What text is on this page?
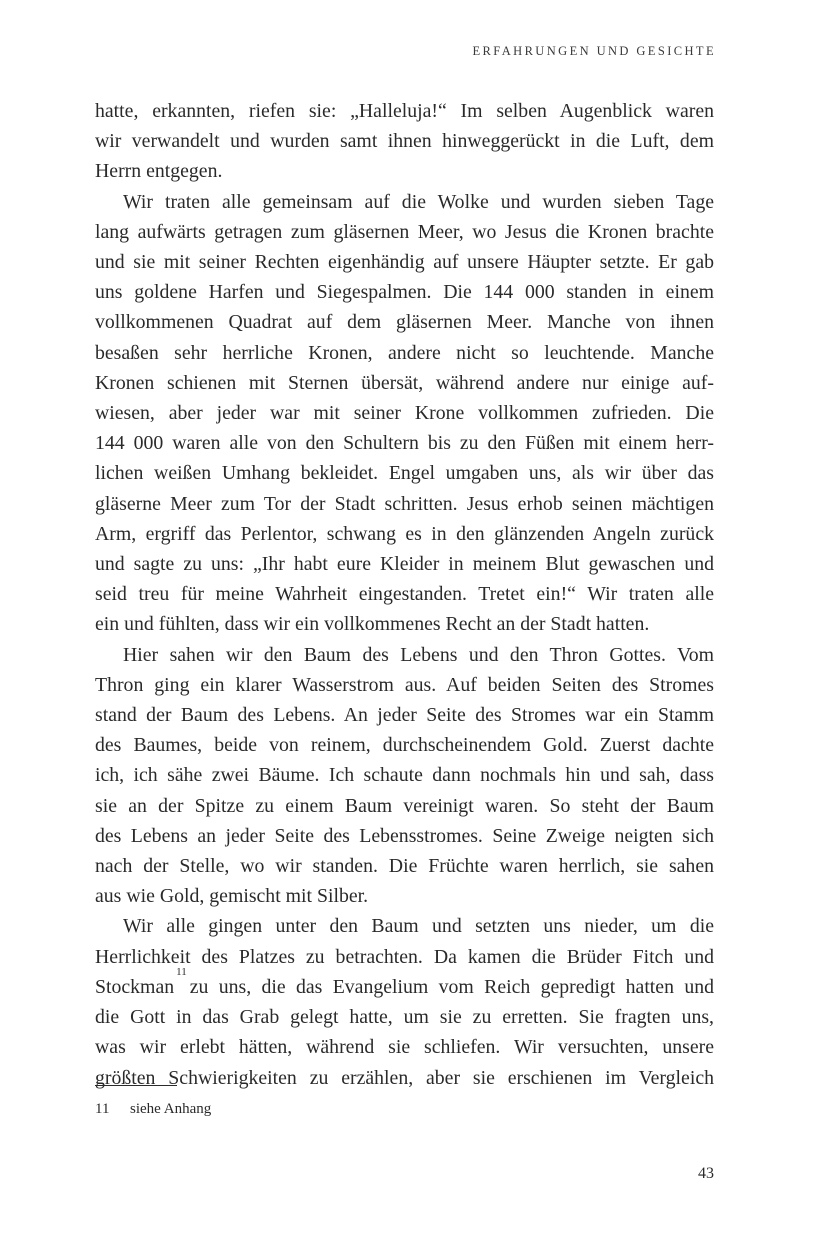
ERFAHRUNGEN UND GESICHTE

hatte, erkannten, riefen sie: „Halleluja!“ Im selben Augenblick waren
wir verwandelt und wurden samt ihnen hinweggerückt in die Luft, dem
Herrn entgegen.

Wir traten alle gemeinsam auf die Wolke und wurden sieben Tage
lang aufwärts getragen zum gläsernen Meer, wo Jesus die Kronen brachte
und sie mit seiner Rechten eigenhändig auf unsere Häupter setzte. Er gab
uns goldene Harfen und Siegespalmen. Die 144 000 standen in einem
vollkommenen Quadrat auf dem gläsernen Meer. Manche von ihnen
besaßen sehr herrliche Kronen, andere nicht so leuchtende. Manche
Kronen schienen mit Sternen übersät, während andere nur einige auf-
wiesen, aber jeder war mit seiner Krone vollkommen zufrieden. Die
144 000 waren alle von den Schultern bis zu den Füßen mit einem herr-
lichen weißen Umhang bekleidet. Engel umgaben uns, als wir über das
gläserne Meer zum Tor der Stadt schritten. Jesus erhob seinen mächtigen
Arm, ergriff das Perlentor, schwang es in den glänzenden Angeln zurück
und sagte zu uns: „Ihr habt eure Kleider in meinem Blut gewaschen und
seid treu für meine Wahrheit eingestanden. Tretet ein!“ Wir traten alle
ein und fühlten, dass wir ein vollkommenes Recht an der Stadt hatten.

Hier sahen wir den Baum des Lebens und den Thron Gottes. Vom
Thron ging ein klarer Wasserstrom aus. Auf beiden Seiten des Stromes
stand der Baum des Lebens. An jeder Seite des Stromes war ein Stamm
des Baumes, beide von reinem, durchscheinendem Gold. Zuerst dachte
ich, ich sähe zwei Bäume. Ich schaute dann nochmals hin und sah, dass
sie an der Spitze zu einem Baum vereinigt waren. So steht der Baum
des Lebens an jeder Seite des Lebensstromes. Seine Zweige neigten sich
nach der Stelle, wo wir standen. Die Früchte waren herrlich, sie sahen
aus wie Gold, gemischt mit Silber.

Wir alle gingen unter den Baum und setzten uns nieder, um die
Herrlichkeit des Platzes zu betrachten. Da kamen die Brüder Fitch und
Stockman
11
zu uns, die das Evangelium vom Reich gepredigt hatten und
die Gott in das Grab gelegt hatte, um sie zu erretten. Sie fragten uns,
was wir erlebt hätten, während sie schliefen. Wir versuchten, unsere
größten Schwierigkeiten zu erzählen, aber sie erschienen im Vergleich

11 siehe Anhang
43
